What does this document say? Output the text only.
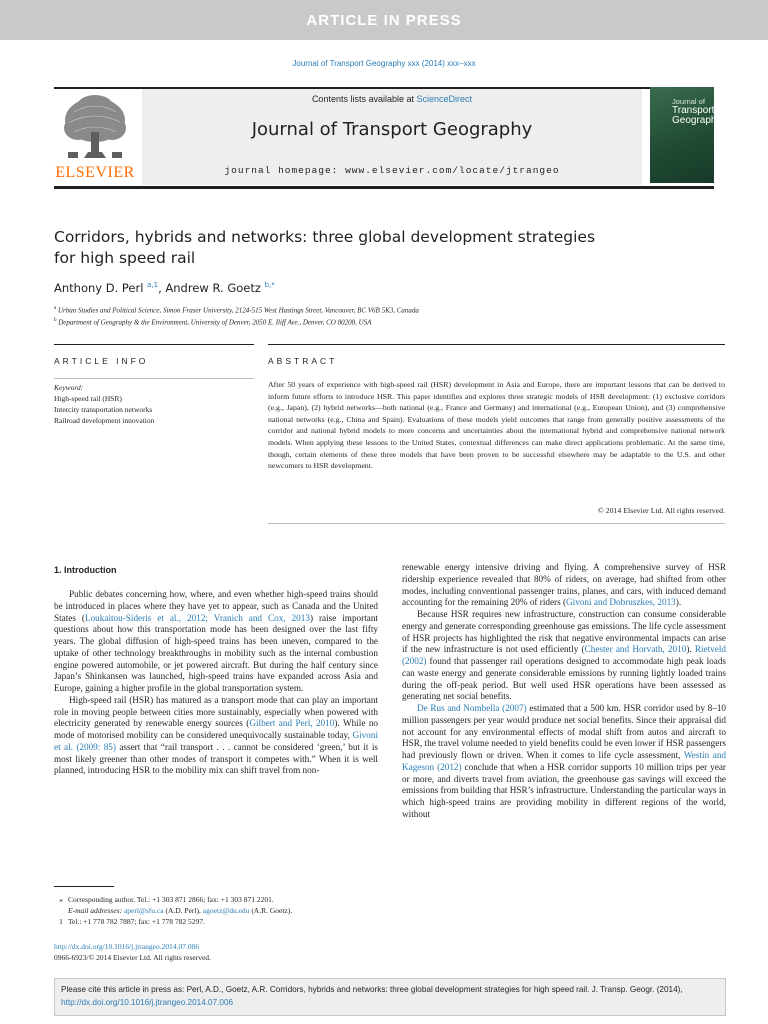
ARTICLE IN PRESS
Journal of Transport Geography xxx (2014) xxx–xxx
ELSEVIER
Contents lists available at ScienceDirect
Journal of Transport Geography
journal homepage: www.elsevier.com/locate/jtrangeo
Journal of
Transport
Geography
Corridors, hybrids and networks: three global development strategies
for high speed rail
Anthony D. Perl $^{a,1}$, Andrew R. Goetz $^{b,*}$
$^a$ Urban Studies and Political Science, Simon Fraser University, 2124-515 West Hastings Street, Vancouver, BC V6B 5K3, Canada
$^b$ Department of Geography & the Environment, University of Denver, 2050 E. Iliff Ave., Denver, CO 80208, USA
ARTICLE INFO	ABSTRACT
Keyword:
High-speed rail (HSR)
Intercity transportation networks
Railroad development innovation
After 50 years of experience with high-speed rail (HSR) development in Asia and Europe, there are important lessons that can be derived to inform future efforts to introduce HSR. This paper identifies and explores three strategic models of HSR development: (1) exclusive corridors (e.g., Japan), (2) hybrid networks—both national (e.g., France and Germany) and international (e.g., European Union), and (3) comprehensive national networks (e.g., China and Spain). Evaluations of these models yield outcomes that range from generally positive assessments of the corridor and national hybrid models to more concerns and uncertainties about the international hybrid and comprehensive national network models. When applying these lessons to the United States, contextual differences can make direct applications problematic. At the same time, though, certain elements of these three models that have been proven to be successful elsewhere may be adaptable to the U.S. and other newcomers to HSR development.
© 2014 Elsevier Ltd. All rights reserved.
1. Introduction

Public debates concerning how, where, and even whether high-speed trains should be introduced in places where they have yet to appear, such as Canada and the United States (Loukaitou-Sideris et al., 2012; Vranich and Cox, 2013) raise important questions about how this transportation mode has been designed over the last fifty years. The global diffusion of high-speed trains has been uneven, compared to the uptake of other technology breakthroughs in mobility such as the internal combustion engine powered automobile, or jet powered aircraft. But during the half century since Japan’s Shinkansen was launched, high-speed trains have expanded across Asia and Europe, gaining a higher profile in the global transportation system.

High-speed rail (HSR) has matured as a transport mode that can play an important role in moving people between cities more sustainably, especially when powered with electricity generated by renewable energy sources (Gilbert and Perl, 2010). While no mode of motorised mobility can be considered unequivocally sustainable today, Givoni et al. (2009: 85) assert that “rail transport . . . cannot be considered ‘green,’ but it is most likely greener than other modes of transport it competes with.” When it is well planned, introducing HSR to the mobility mix can shift travel from non-

renewable energy intensive driving and flying. A comprehensive survey of HSR ridership experience revealed that 80% of riders, on average, had shifted from other modes, including conventional passenger trains, planes, and cars, with induced demand accounting for the remaining 20% of riders (Givoni and Dobruszkes, 2013).

Because HSR requires new infrastructure, construction can consume considerable energy and generate corresponding greenhouse gas emissions. The life cycle assessment of HSR projects has highlighted the risk that negative environmental impacts can arise if the new infrastructure is not used efficiently (Chester and Horvath, 2010). Rietveld (2002) found that passenger rail operations designed to accommodate high peak loads can waste energy and generate considerable emissions by running lightly loaded trains during the off-peak period. But well used HSR operations have been assessed as generating net social benefits.

De Rus and Nombella (2007) estimated that a 500 km. HSR corridor used by 8–10 million passengers per year would produce net social benefits. Since their appraisal did not account for any environmental effects of modal shift from autos and aircraft to HSR, the travel volume needed to yield benefits could be even lower if HSR passengers had previously flown or driven. When it comes to life cycle assessment, Westin and Kageson (2012) conclude that when a HSR corridor supports 10 million trips per year or more, and diverts travel from aviation, the greenhouse gas savings will exceed the emissions from building that HSR’s infrastructure. Understanding the particular ways in which high-speed trains are providing mobility in different regions of the world, without

⁎ Corresponding author. Tel.: +1 303 871 2866; fax: +1 303 871 2201.
E-mail addresses: aperl@sfu.ca (A.D. Perl), agoetz@du.edu (A.R. Goetz).
1 Tel.: +1 778 782 7887; fax: +1 778 782 5297.
http://dx.doi.org/10.1016/j.jtrangeo.2014.07.006
0966-6923/© 2014 Elsevier Ltd. All rights reserved.
Please cite this article in press as: Perl, A.D., Goetz, A.R. Corridors, hybrids and networks: three global development strategies for high speed rail. J. Transp. Geogr. (2014), http://dx.doi.org/10.1016/j.jtrangeo.2014.07.006
